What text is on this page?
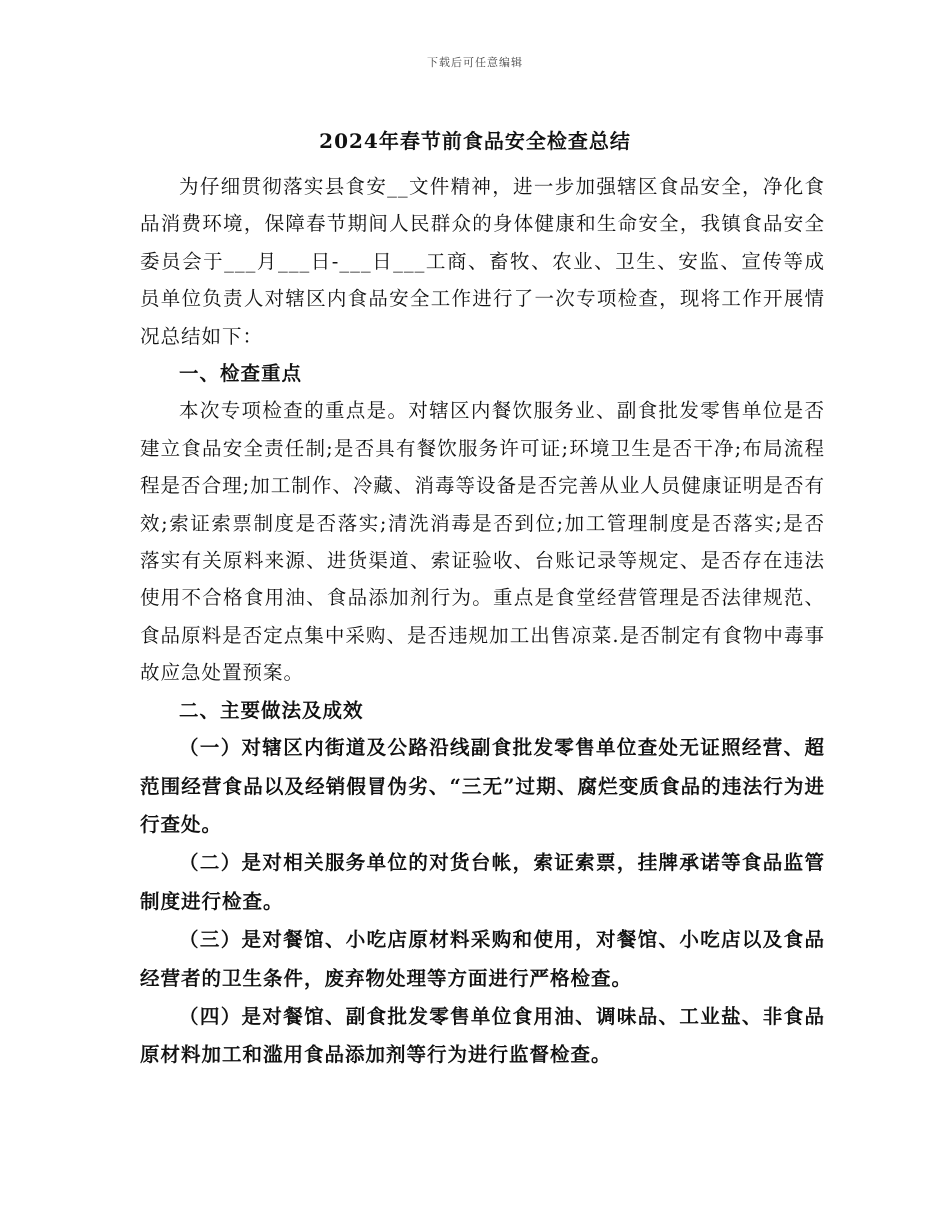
下载后可任意编辑
2024年春节前食品安全检查总结

为仔细贯彻落实县食安__文件精神，进一步加强辖区食品安全，净化食品消费环境，保障春节期间人民群众的身体健康和生命安全，我镇食品安全委员会于___月___日-___日___工商、畜牧、农业、卫生、安监、宣传等成员单位负责人对辖区内食品安全工作进行了一次专项检查，现将工作开展情况总结如下：

一、检查重点

本次专项检查的重点是。对辖区内餐饮服务业、副食批发零售单位是否建立食品安全责任制;是否具有餐饮服务许可证;环境卫生是否干净;布局流程程是否合理;加工制作、冷藏、消毒等设备是否完善从业人员健康证明是否有效;索证索票制度是否落实;清洗消毒是否到位;加工管理制度是否落实;是否落实有关原料来源、进货渠道、索证验收、台账记录等规定、是否存在违法使用不合格食用油、食品添加剂行为。重点是食堂经营管理是否法律规范、食品原料是否定点集中采购、是否违规加工出售凉菜.是否制定有食物中毒事故应急处置预案。

二、主要做法及成效

（一）对辖区内街道及公路沿线副食批发零售单位查处无证照经营、超范围经营食品以及经销假冒伪劣、“三无”过期、腐烂变质食品的违法行为进行查处。

（二）是对相关服务单位的对货台帐，索证索票，挂牌承诺等食品监管制度进行检查。

（三）是对餐馆、小吃店原材料采购和使用，对餐馆、小吃店以及食品经营者的卫生条件，废弃物处理等方面进行严格检查。

（四）是对餐馆、副食批发零售单位食用油、调味品、工业盐、非食品原材料加工和滥用食品添加剂等行为进行监督检查。
